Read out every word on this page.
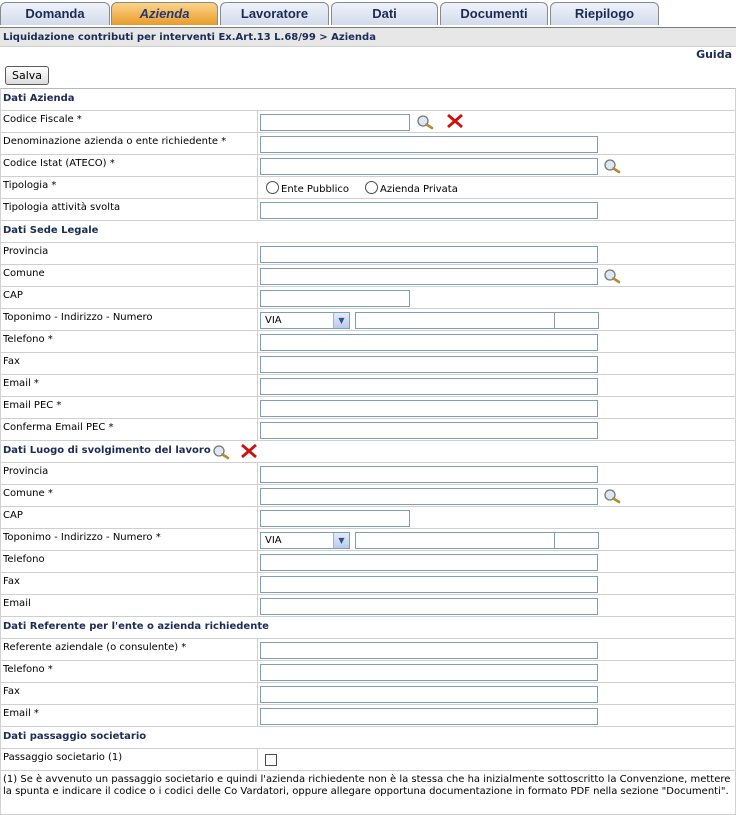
Domanda	Azienda	Lavoratore	Dati	Documenti	Riepilogo
Liquidazione contributi per interventi Ex.Art.13 L.68/99 > Azienda
Guida
Salva
Dati Azienda
Codice Fiscale *
Denominazione azienda o ente richiedente *
Codice Istat (ATECO) *
Tipologia *	Ente Pubblico	Azienda Privata
Tipologia attività svolta
Dati Sede Legale
Provincia
Comune
CAP
Toponimo - Indirizzo - Numero	VIA	▼
Telefono *
Fax
Email *
Email PEC *
Conferma Email PEC *
Dati Luogo di svolgimento del lavoro
Provincia
Comune *
CAP
Toponimo - Indirizzo - Numero *	VIA	▼
Telefono
Fax
Email
Dati Referente per l'ente o azienda richiedente
Referente aziendale (o consulente) *
Telefono *
Fax
Email *
Dati passaggio societario
Passaggio societario (1)
(1) Se è avvenuto un passaggio societario e quindi l'azienda richiedente non è la stessa che ha inizialmente sottoscritto la Convenzione, mettere la spunta e indicare il codice o i codici delle Co Vardatori, oppure allegare opportuna documentazione in formato PDF nella sezione "Documenti".
